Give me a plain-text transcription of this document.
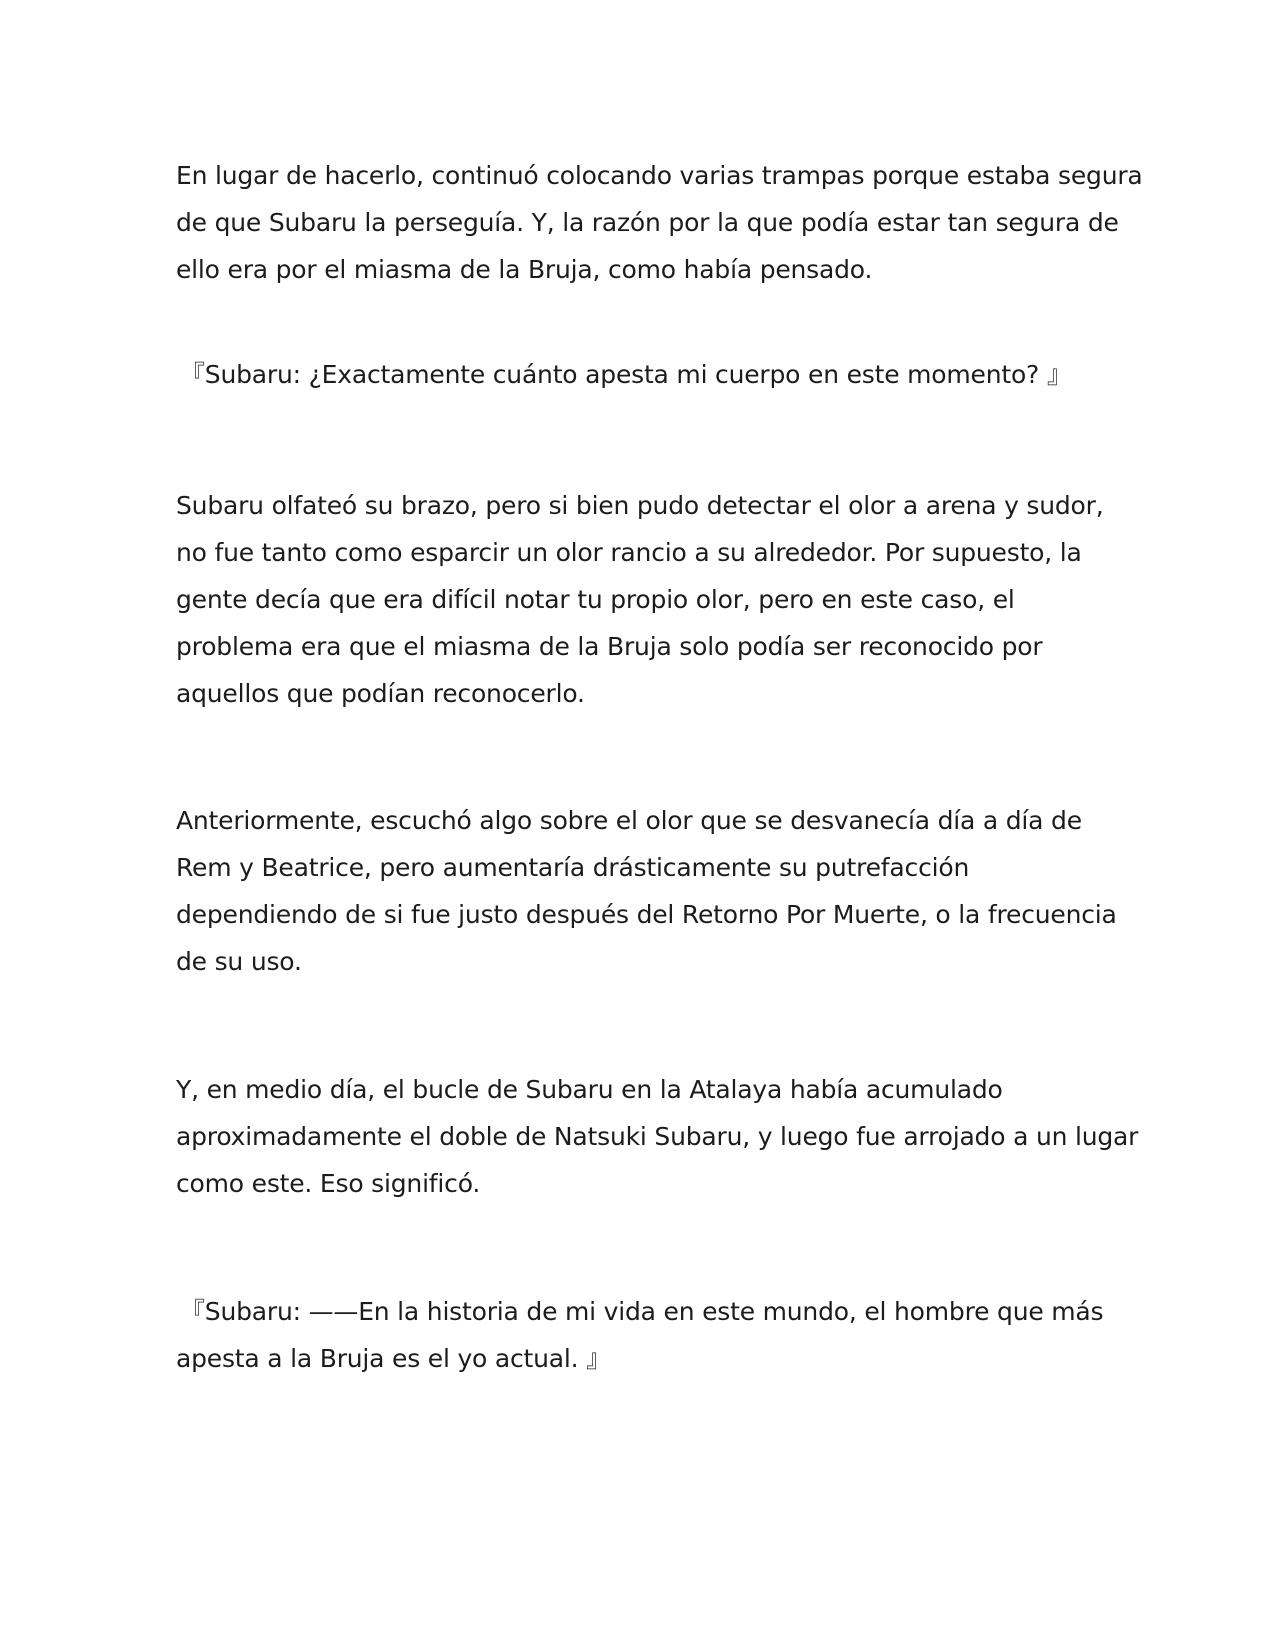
En lugar de hacerlo, continuó colocando varias trampas porque estaba segura
de que Subaru la perseguía. Y, la razón por la que podía estar tan segura de
ello era por el miasma de la Bruja, como había pensado.
『Subaru: ¿Exactamente cuánto apesta mi cuerpo en este momento? 』
Subaru olfateó su brazo, pero si bien pudo detectar el olor a arena y sudor,
no fue tanto como esparcir un olor rancio a su alrededor. Por supuesto, la
gente decía que era difícil notar tu propio olor, pero en este caso, el
problema era que el miasma de la Bruja solo podía ser reconocido por
aquellos que podían reconocerlo.
Anteriormente, escuchó algo sobre el olor que se desvanecía día a día de
Rem y Beatrice, pero aumentaría drásticamente su putrefacción
dependiendo de si fue justo después del Retorno Por Muerte, o la frecuencia
de su uso.
Y, en medio día, el bucle de Subaru en la Atalaya había acumulado
aproximadamente el doble de Natsuki Subaru, y luego fue arrojado a un lugar
como este. Eso significó.
『Subaru: ——En la historia de mi vida en este mundo, el hombre que más
apesta a la Bruja es el yo actual. 』
